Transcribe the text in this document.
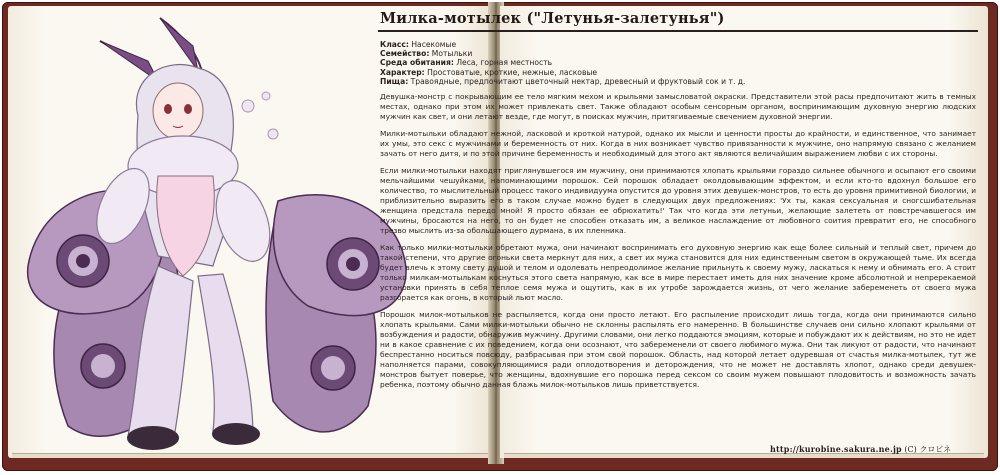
Милка-мотылек ("Летунья-залетунья")
Класс: Насекомые
Семейство: Мотыльки
Среда обитания: Леса, горная местность
Характер: Простоватые, кроткие, нежные, ласковые
Пища: Травоядные, предпочитают цветочный нектар, древесный и фруктовый сок и т. д.

Девушка-монстр с покрывающим ее тело мягким мехом и крыльями замысловатой окраски. Представители этой расы предпочитают жить в темных местах, однако при этом их может привлекать свет. Также обладают особым сенсорным органом, воспринимающим духовную энергию людских мужчин как свет, и они летают везде, где могут, в поисках мужчин, притягиваемые свечением духовной энергии.

Милки-мотыльки обладают нежной, ласковой и кроткой натурой, однако их мысли и ценности просты до крайности, и единственное, что занимает их умы, это секс с мужчинами и беременность от них. Когда в них возникает чувство привязанности к мужчине, оно напрямую связано с желанием зачать от него дитя, и по этой причине беременность и необходимый для этого акт являются величайшим выражением любви с их стороны.

Если милки-мотыльки находят приглянувшегося им мужчину, они принимаются хлопать крыльями гораздо сильнее обычного и осыпают его своими мельчайшими чешуйками, напоминающими порошок. Сей порошок обладает околдовывающим эффектом, и если кто-то вдохнул большое его количество, то мыслительный процесс такого индивидуума опустится до уровня этих девушек-монстров, то есть до уровня примитивной биологии, и приблизительно выразить его в таком случае можно будет в следующих двух предложениях: 'Ух ты, какая сексуальная и сногсшибательная женщина предстала передо мной! Я просто обязан ее обрюхатить!' Так что когда эти летуньи, желающие залететь от повстречавшегося им мужчины, бросаются на него, то он будет не способен отказать им, а великое наслаждение от любовного соития превратит его, не способного трезво мыслить из-за обольщающего дурмана, в их пленника.

Как только милки-мотыльки обретают мужа, они начинают воспринимать его духовную энергию как еще более сильный и теплый свет, причем до такой степени, что другие огоньки света меркнут для них, а свет их мужа становится для них единственным светом в окружающей тьме. Их всегда будет влечь к этому свету душой и телом и одолевать непреодолимое желание прильнуть к своему мужу, ласкаться к нему и обнимать его. А стоит только милкам-мотылькам коснуться этого света напрямую, как все в мире перестает иметь для них значение кроме абсолютной и непререкаемой установки принять в себя теплое семя мужа и ощутить, как в их утробе зарождается жизнь, от чего желание забеременеть от своего мужа разгорается как огонь, в который льют масло.

Порошок милок-мотыльков не распыляется, когда они просто летают. Его распыление происходит лишь тогда, когда они принимаются сильно хлопать крыльями. Сами милки-мотыльки обычно не склонны распылять его намеренно. В большинстве случаев они сильно хлопают крыльями от возбуждения и радости, обнаружив мужчину. Другими словами, они легко поддаются эмоциям, которые и побуждают их к действиям, но это не идет ни в какое сравнение с их поведением, когда они осознают, что забеременели от своего любимого мужа. Они так ликуют от радости, что начинают беспрестанно носиться повсюду, разбрасывая при этом свой порошок. Область, над которой летает одуревшая от счастья милка-мотылек, тут же наполняется парами, совокупляющимися ради оплодотворения и деторождения, что не может не доставлять хлопот, однако среди девушек-монстров бытует поверье, что женщины, вдохнувшие его порошка перед сексом со своим мужем повышают плодовитость и возможность зачать ребенка, поэтому обычно данная блажь милок-мотыльков лишь приветствуется.

http://kurobine.sakura.ne.jp (C) クロビネ
